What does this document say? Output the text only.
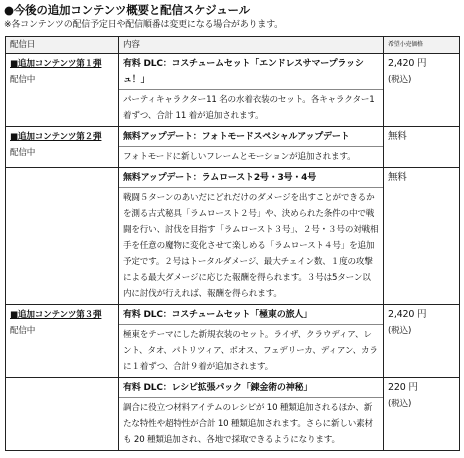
●今後の追加コンテンツ概要と配信スケジュール
※各コンテンツの配信予定日や配信順番は変更になる場合があります。
配信日	内容	希望小売価格

■追加コンテンツ第１弾
配信中	有料 DLC：コスチュームセット「エンドレスサマープラッシュ！」
パーティキャラクター11 名の水着衣装のセット。各キャラクター1着ずつ、合計 11 着が追加されます。	2,420 円
(税込)

■追加コンテンツ第２弾
配信中	無料アップデート：フォトモードスペシャルアップデート
フォトモードに新しいフレームとモーションが追加されます。	無料

	無料アップデート：ラムロースト2号・3号・4号
戦闘５ターンのあいだにどれだけのダメージを出すことができるかを測る古式秘具「ラムロースト２号」や、決められた条件の中で戦闘を行い、討伐を目指す「ラムロースト３号」、２号・３号の対戦相手を任意の魔物に変化させて楽しめる「ラムロースト４号」を追加予定です。２号はトータルダメージ、最大チェイン数、１度の攻撃による最大ダメージに応じた報酬を得られます。３号は5ターン以内に討伐が行えれば、報酬を得られます。	無料

■追加コンテンツ第３弾
配信中	有料 DLC：コスチュームセット「極東の旅人」
極東をテーマにした新規衣装のセット。ライザ、クラウディア、レント、タオ、パトリツィア、ボオス、フェデリーカ、ディアン、カラに１着ずつ、合計９着が追加されます。	2,420 円
(税込)

	有料 DLC：レシピ拡張パック「錬金術の神秘」
調合に役立つ材料アイテムのレシピが 10 種類追加されるほか、新たな特性や超特性が合計 10 種類追加されます。さらに新しい素材も 20 種類追加され、各地で採取できるようになります。	220 円
(税込)
